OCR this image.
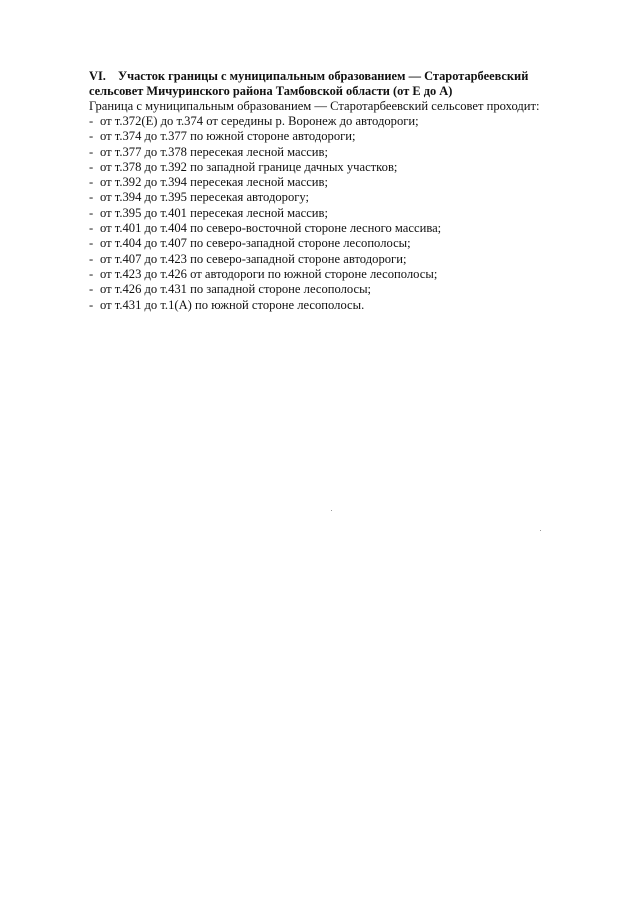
VI. Участок границы с муниципальным образованием — Старотарбеевский
сельсовет Мичуринского района Тамбовской области (от Е до А)

Граница с муниципальным образованием — Старотарбеевский сельсовет проходит:

- от т.372(Е) до т.374 от середины р. Воронеж до автодороги;
- от т.374 до т.377 по южной стороне автодороги;
- от т.377 до т.378 пересекая лесной массив;
- от т.378 до т.392 по западной границе дачных участков;
- от т.392 до т.394 пересекая лесной массив;
- от т.394 до т.395 пересекая автодорогу;
- от т.395 до т.401 пересекая лесной массив;
- от т.401 до т.404 по северо-восточной стороне лесного массива;
- от т.404 до т.407 по северо-западной стороне лесополосы;
- от т.407 до т.423 по северо-западной стороне автодороги;
- от т.423 до т.426 от автодороги по южной стороне лесополосы;
- от т.426 до т.431 по западной стороне лесополосы;
- от т.431 до т.1(А) по южной стороне лесополосы.
